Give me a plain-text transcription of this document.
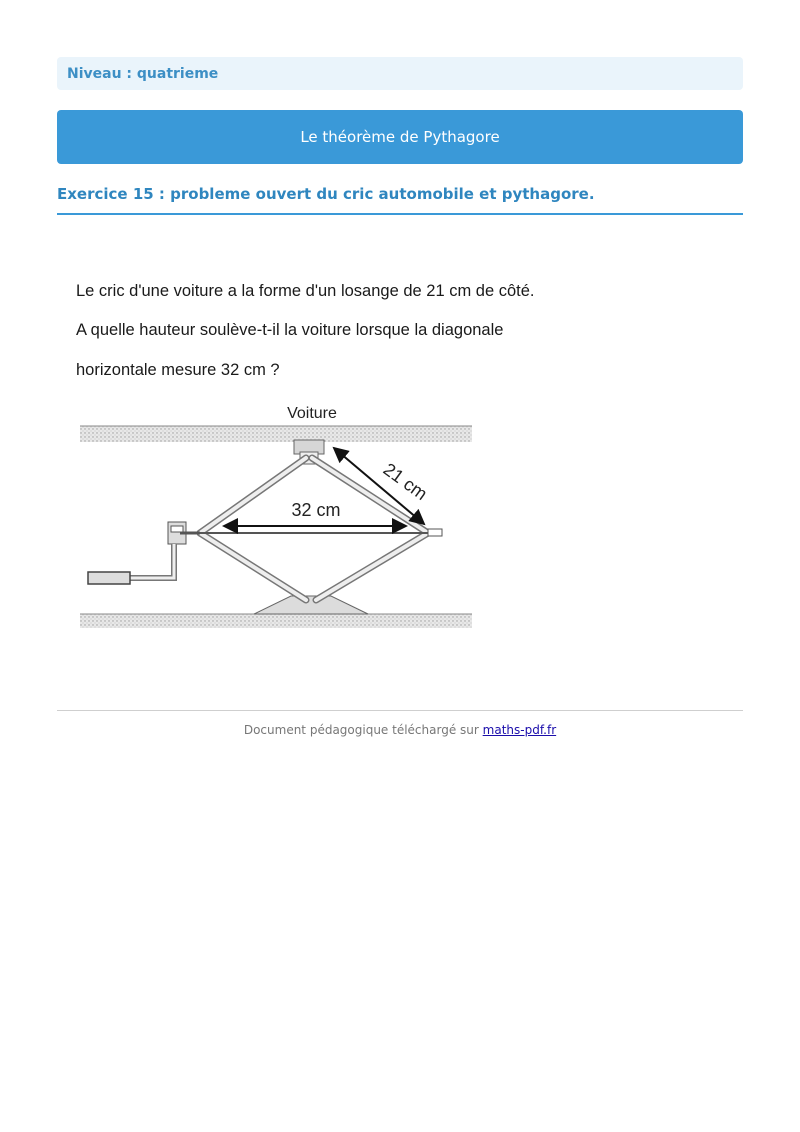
Niveau : quatrieme
Le théorème de Pythagore
Exercice 15 : probleme ouvert du cric automobile et pythagore.

Le cric d'une voiture a la forme d'un losange de 21 cm de côté.

A quelle hauteur soulève-t-il la voiture lorsque la diagonale

horizontale mesure 32 cm ?

Voiture
32 cm
21 cm
Document pédagogique téléchargé sur maths-pdf.fr
